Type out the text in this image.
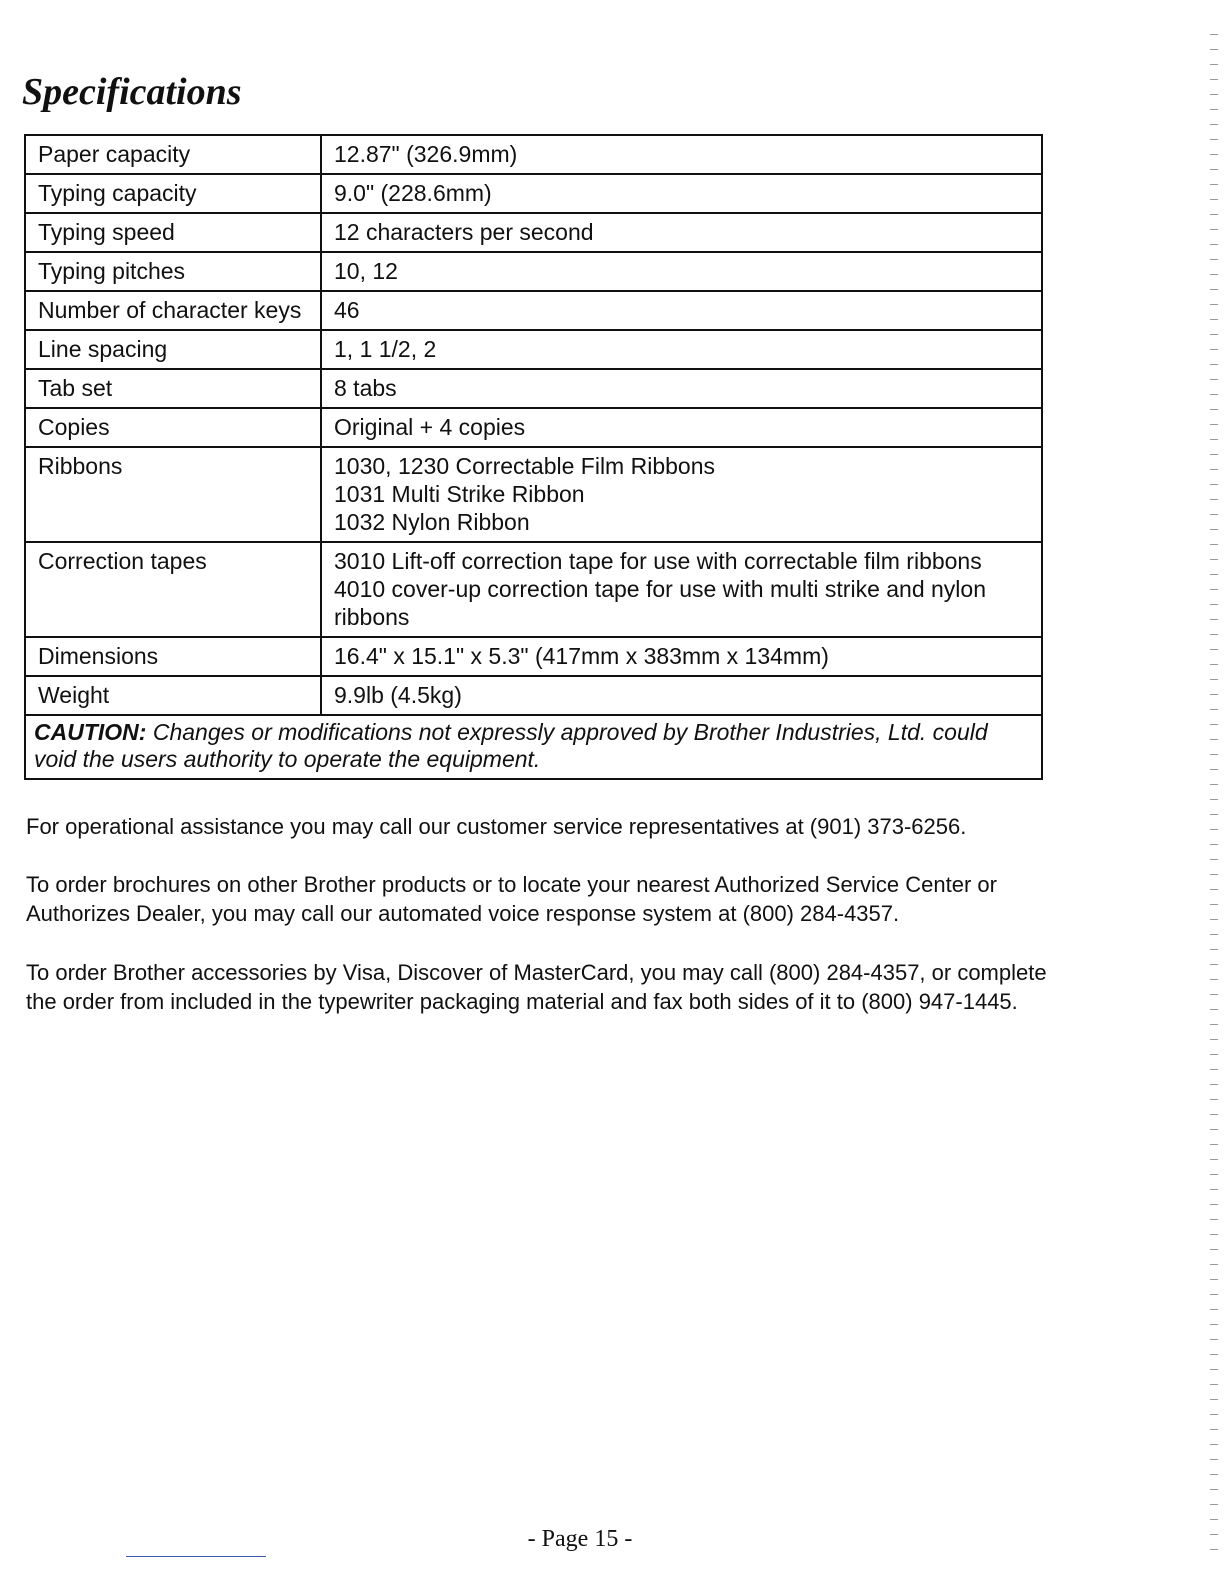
Specifications
Paper capacity	12.87" (326.9mm)

Typing capacity	9.0" (228.6mm)

Typing speed	12 characters per second

Typing pitches	10, 12

Number of character keys	46

Line spacing	1, 1 1/2, 2

Tab set	8 tabs

Copies	Original + 4 copies

Ribbons	1030, 1230 Correctable Film Ribbons
1031 Multi Strike Ribbon
1032 Nylon Ribbon

Correction tapes	3010 Lift-off correction tape for use with correctable film ribbons
4010 cover-up correction tape for use with multi strike and nylon
ribbons

Dimensions	16.4" x 15.1" x 5.3" (417mm x 383mm x 134mm)

Weight	9.9lb (4.5kg)

CAUTION: Changes or modifications not expressly approved by Brother Industries, Ltd. could void the users authority to operate the equipment.	

For operational assistance you may call our customer service representatives at (901) 373-6256.

To order brochures on other Brother products or to locate your nearest Authorized Service Center or Authorizes Dealer, you may call our automated voice response system at (800) 284-4357.

To order Brother accessories by Visa, Discover of MasterCard, you may call (800) 284-4357, or complete the order from included in the typewriter packaging material and fax both sides of it to (800) 947-1445.

- Page 15 -
